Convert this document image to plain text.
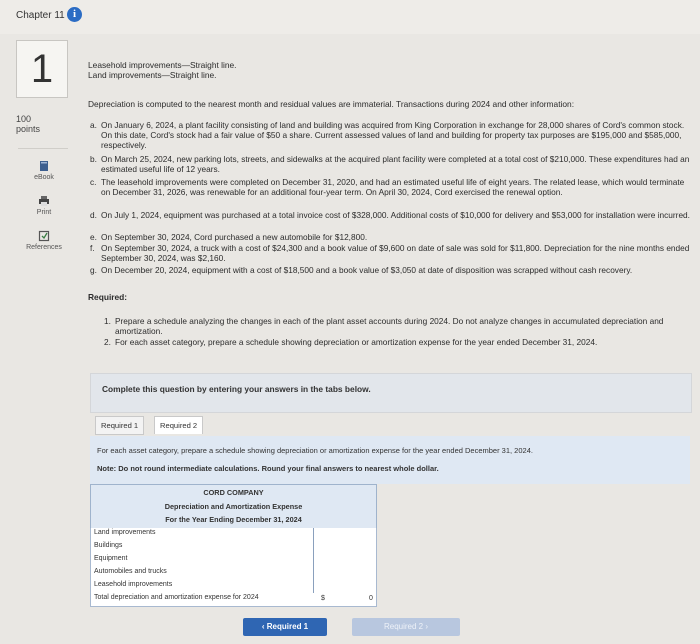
Chapter 11 i
1
100
points
eBook
Print
References
Leasehold improvements—Straight line.
Land improvements—Straight line.
Depreciation is computed to the nearest month and residual values are immaterial. Transactions during 2024 and other information:
a. On January 6, 2024, a plant facility consisting of land and building was acquired from King Corporation in exchange for 28,000 shares of Cord's common stock. On this date, Cord's stock had a fair value of $50 a share. Current assessed values of land and building for property tax purposes are $195,000 and $585,000, respectively.
b. On March 25, 2024, new parking lots, streets, and sidewalks at the acquired plant facility were completed at a total cost of $210,000. These expenditures had an estimated useful life of 12 years.
c. The leasehold improvements were completed on December 31, 2020, and had an estimated useful life of eight years. The related lease, which would terminate on December 31, 2026, was renewable for an additional four-year term. On April 30, 2024, Cord exercised the renewal option.
d. On July 1, 2024, equipment was purchased at a total invoice cost of $328,000. Additional costs of $10,000 for delivery and $53,000 for installation were incurred.
e. On September 30, 2024, Cord purchased a new automobile for $12,800.
f. On September 30, 2024, a truck with a cost of $24,300 and a book value of $9,600 on date of sale was sold for $11,800. Depreciation for the nine months ended September 30, 2024, was $2,160.
g. On December 20, 2024, equipment with a cost of $18,500 and a book value of $3,050 at date of disposition was scrapped without cash recovery.
Required:
1. Prepare a schedule analyzing the changes in each of the plant asset accounts during 2024. Do not analyze changes in accumulated depreciation and amortization.
2. For each asset category, prepare a schedule showing depreciation or amortization expense for the year ended December 31, 2024.
Complete this question by entering your answers in the tabs below.
Required 1	Required 2
For each asset category, prepare a schedule showing depreciation or amortization expense for the year ended December 31, 2024.
Note: Do not round intermediate calculations. Round your final answers to nearest whole dollar.
CORD COMPANY
Depreciation and Amortization Expense
For the Year Ending December 31, 2024
Land improvements
Buildings
Equipment
Automobiles and trucks
Leasehold improvements
Total depreciation and amortization expense for 2024	$	0
‹ Required 1	Required 2 ›
